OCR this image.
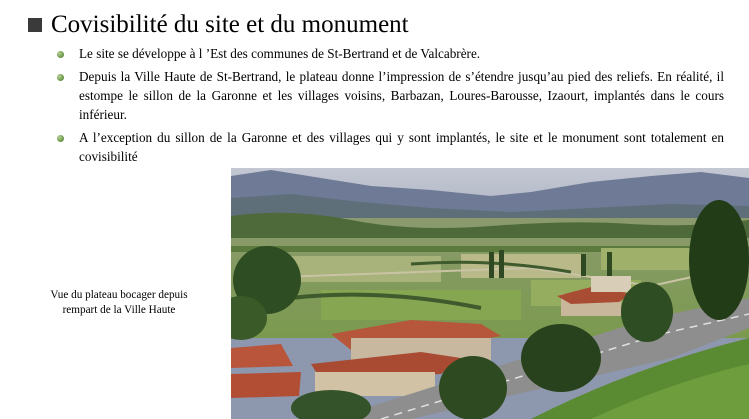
Covisibilité du site et du monument
Le site se développe à l ’Est des communes de St-Bertrand et de Valcabrère.
Depuis la Ville Haute de St-Bertrand, le plateau donne l’impression de s’étendre jusqu’au pied des reliefs. En réalité, il estompe le sillon de la Garonne et les villages voisins, Barbazan, Loures-Barousse, Izaourt, implantés dans le cours inférieur.
A l’exception du sillon de la Garonne et des villages qui y sont implantés, le site et le monument sont totalement en covisibilité
Vue du plateau bocager depuis rempart de la Ville Haute
